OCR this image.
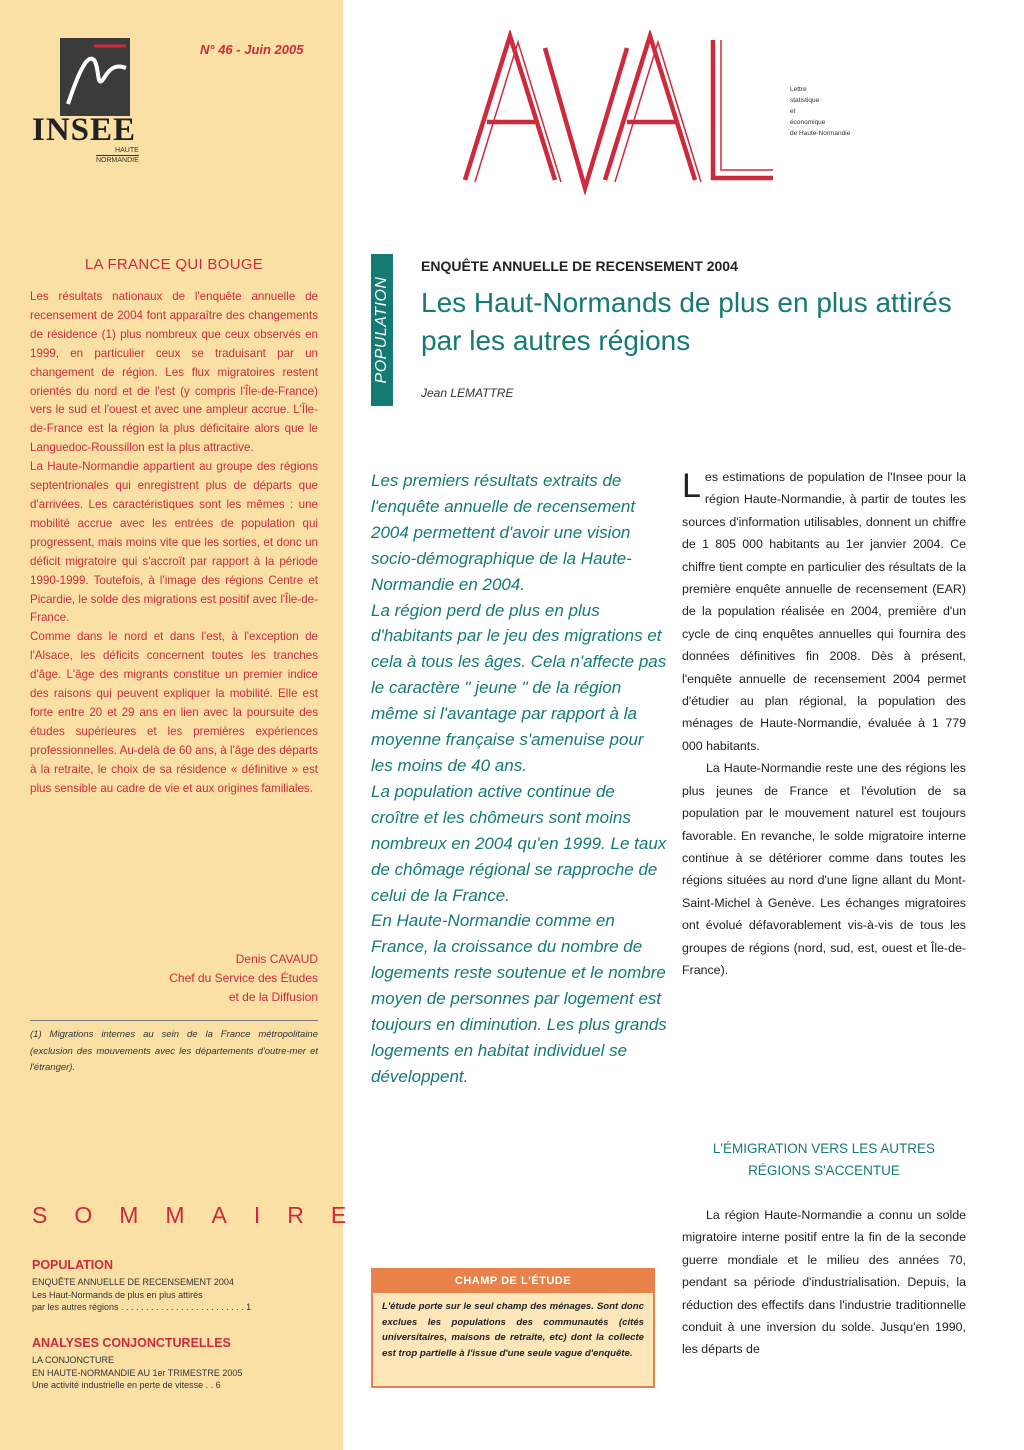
INSEE
HAUTE
NORMANDIE
N° 46 - Juin 2005
LA FRANCE QUI BOUGE

Les résultats nationaux de l'enquête annuelle de recensement de 2004 font apparaître des changements de résidence (1) plus nombreux que ceux observés en 1999, en particulier ceux se traduisant par un changement de région. Les flux migratoires restent orientés du nord et de l'est (y compris l'Île-de-France) vers le sud et l'ouest et avec une ampleur accrue. L'Île-de-France est la région la plus déficitaire alors que le Languedoc-Roussillon est la plus attractive.

La Haute-Normandie appartient au groupe des régions septentrionales qui enregistrent plus de départs que d'arrivées. Les caractéristiques sont les mêmes : une mobilité accrue avec les entrées de population qui progressent, mais moins vite que les sorties, et donc un déficit migratoire qui s'accroît par rapport à la période 1990-1999. Toutefois, à l'image des régions Centre et Picardie, le solde des migrations est positif avec l'Île-de-France.

Comme dans le nord et dans l'est, à l'exception de l'Alsace, les déficits concernent toutes les tranches d'âge. L'âge des migrants constitue un premier indice des raisons qui peuvent expliquer la mobilité. Elle est forte entre 20 et 29 ans en lien avec la poursuite des études supérieures et les premières expériences professionnelles. Au-delà de 60 ans, à l'âge des départs à la retraite, le choix de sa résidence « définitive » est plus sensible au cadre de vie et aux origines familiales.

Denis CAVAUD
Chef du Service des Études
et de la Diffusion
(1) Migrations internes au sein de la France métropolitaine (exclusion des mouvements avec les départements d'outre-mer et l'étranger).
SOMMAIRE
POPULATION
ENQUÊTE ANNUELLE DE RECENSEMENT 2004
Les Haut-Normands de plus en plus attirés
par les autres régions . . . . . . . . . . . . . . . . . . . . . . . . . 1
ANALYSES CONJONCTURELLES
LA CONJONCTURE
EN HAUTE-NORMANDIE AU 1er TRIMESTRE 2005
Une activité industrielle en perte de vitesse . . 6
Lettre
statistique
et
économique
de Haute-Normandie
POPULATION
ENQUÊTE ANNUELLE DE RECENSEMENT 2004
Les Haut-Normands de plus en plus attirés par les autres régions
Jean LEMATTRE

Les premiers résultats extraits de l'enquête annuelle de recensement 2004 permettent d'avoir une vision socio-démographique de la Haute-Normandie en 2004.

La région perd de plus en plus d'habitants par le jeu des migrations et cela à tous les âges. Cela n'affecte pas le caractère " jeune " de la région même si l'avantage par rapport à la moyenne française s'amenuise pour les moins de 40 ans.

La population active continue de croître et les chômeurs sont moins nombreux en 2004 qu'en 1999. Le taux de chômage régional se rapproche de celui de la France.

En Haute-Normandie comme en France, la croissance du nombre de logements reste soutenue et le nombre moyen de personnes par logement est toujours en diminution. Les plus grands logements en habitat individuel se développent.

CHAMP DE L'ÉTUDE
L'étude porte sur le seul champ des ménages. Sont donc exclues les populations des communautés (cités universitaires, maisons de retraite, etc) dont la collecte est trop partielle à l'issue d'une seule vague d'enquête.

Les estimations de population de l'Insee pour la région Haute-Normandie, à partir de toutes les sources d'information utilisables, donnent un chiffre de 1 805 000 habitants au 1er janvier 2004. Ce chiffre tient compte en particulier des résultats de la première enquête annuelle de recensement (EAR) de la population réalisée en 2004, première d'un cycle de cinq enquêtes annuelles qui fournira des données définitives fin 2008. Dès à présent, l'enquête annuelle de recensement 2004 permet d'étudier au plan régional, la population des ménages de Haute-Normandie, évaluée à 1 779 000 habitants.

La Haute-Normandie reste une des régions les plus jeunes de France et l'évolution de sa population par le mouvement naturel est toujours favorable. En revanche, le solde migratoire interne continue à se détériorer comme dans toutes les régions situées au nord d'une ligne allant du Mont-Saint-Michel à Genève. Les échanges migratoires ont évolué défavorablement vis-à-vis de tous les groupes de régions (nord, sud, est, ouest et Île-de-France).

L'ÉMIGRATION VERS LES AUTRES
RÉGIONS S'ACCENTUE

La région Haute-Normandie a connu un solde migratoire interne positif entre la fin de la seconde guerre mondiale et le milieu des années 70, pendant sa période d'industrialisation. Depuis, la réduction des effectifs dans l'industrie traditionnelle conduit à une inversion du solde. Jusqu'en 1990, les départs de
